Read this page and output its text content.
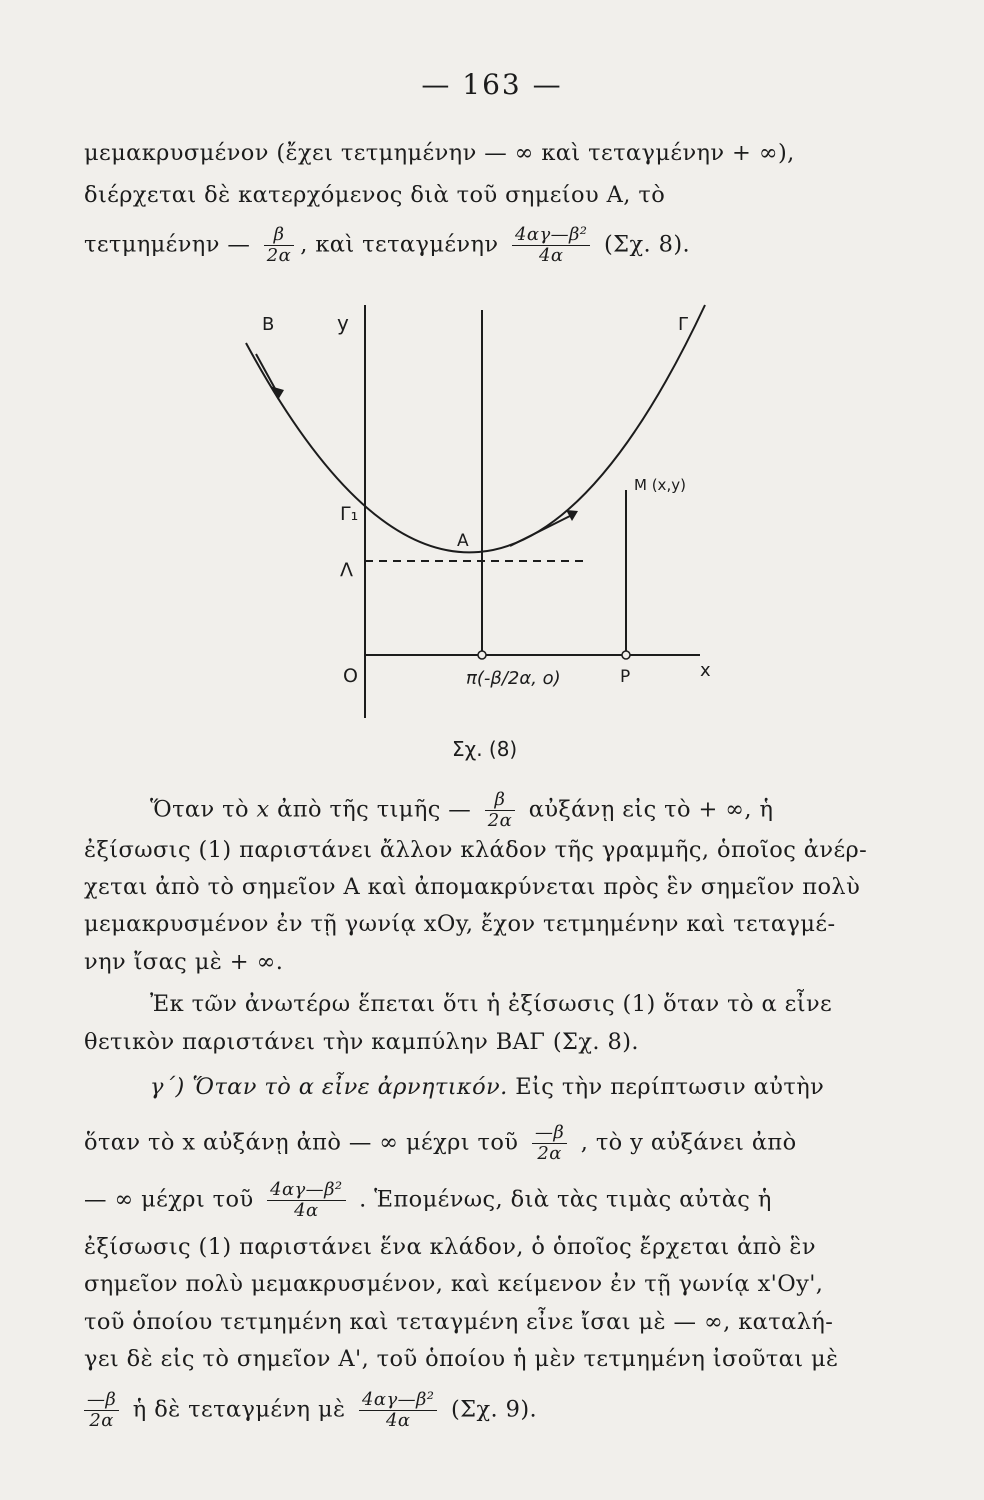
— 163 —
μεμακρυσμένον (ἔχει τετμημένην — ∞ καὶ τεταγμένην + ∞),
διέρχεται δὲ κατερχόμενος διὰ τοῦ σημείου Α, τὸ
τετμημένην — $\frac{\beta}{2\alpha}$ , καὶ τεταγμένην $\frac{\text{4αγ—β²}}{4\alpha} (\Sigma\chi$. 8).
B	y	Γ
Γ₁
Λ
A
M (x,y)
O	π(-β/2α, o)	P	x
Σχ. (8)
Ὅταν τὸ x ἀπὸ τῆς τιμῆς — $\frac{\beta}{2\alpha}$ αὐξάνῃ εἰς τὸ + ∞, ἡ
ἐξίσωσις (1) παριστάνει ἄλλον κλάδον τῆς γραμμῆς, ὁποῖος ἀνέρ-
χεται ἀπὸ τὸ σημεῖον Α καὶ ἀπομακρύνεται πρὸς ἓν σημεῖον πολὺ
μεμακρυσμένον ἐν τῇ γωνίᾳ xOy, ἔχον τετμημένην καὶ τεταγμέ-
νην ἴσας μὲ + ∞.
Ἐκ τῶν ἀνωτέρω ἕπεται ὅτι ἡ ἐξίσωσις (1) ὅταν τὸ α εἶνε
θετικὸν παριστάνει τὴν καμπύλην ΒΑΓ (Σχ. 8).
γ΄) Ὅταν τὸ α εἶνε ἀρνητικόν. Εἰς τὴν περίπτωσιν αὐτὴν
ὅταν τὸ x αὐξάνῃ ἀπὸ — ∞ μέχρι τοῦ $\frac{—\beta}{2\alpha}$ , τὸ y αὐξάνει ἀπὸ
— ∞ μέχρι τοῦ $\frac{\text{4αγ—β²}}{4\alpha}$ . Ἑπομένως, διὰ τὰς τιμὰς αὐτὰς ἡ
ἐξίσωσις (1) παριστάνει ἕνα κλάδον, ὁ ὁποῖος ἔρχεται ἀπὸ ἓν
σημεῖον πολὺ μεμακρυσμένον, καὶ κείμενον ἐν τῇ γωνίᾳ x'Oy',
τοῦ ὁποίου τετμημένη καὶ τεταγμένη εἶνε ἴσαι μὲ — ∞, καταλή-
γει δὲ εἰς τὸ σημεῖον Α', τοῦ ὁποίου ἡ μὲν τετμημένη ἰσοῦται μὲ
$\frac{—\beta}{2\alpha}$ ἡ δὲ τεταγμένη μὲ $\frac{\text{4αγ—β²}}{4\alpha} (\Sigma\chi$. 9).
